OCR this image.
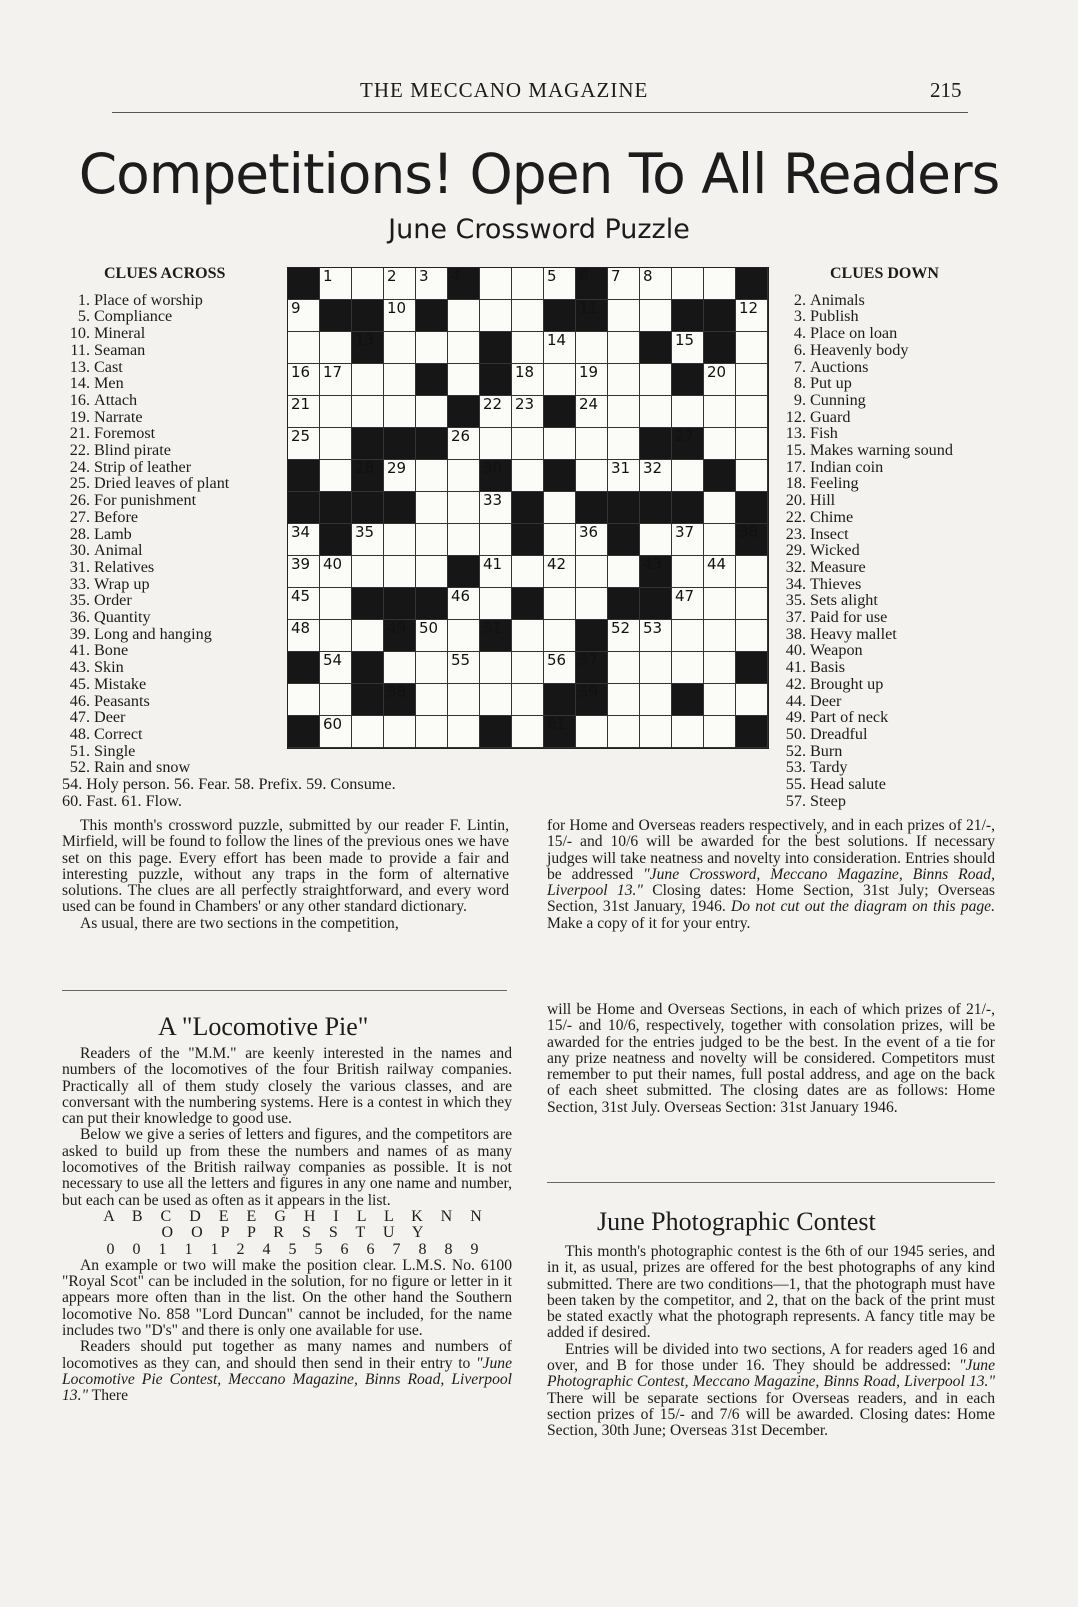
THE MECCANO MAGAZINE	215
Competitions! Open To All Readers
June Crossword Puzzle
CLUES ACROSS
1. Place of worship
5. Compliance
10. Mineral
11. Seaman
13. Cast
14. Men
16. Attach
19. Narrate
21. Foremost
22. Blind pirate
24. Strip of leather
25. Dried leaves of plant
26. For punishment
27. Before
28. Lamb
30. Animal
31. Relatives
33. Wrap up
35. Order
36. Quantity
39. Long and hanging
41. Bone
43. Skin
45. Mistake
46. Peasants
47. Deer
48. Correct
51. Single
52. Rain and snow
54. Holy person. 56. Fear. 58. Prefix. 59. Consume.
60. Fast. 61. Flow.
1	2 3 4	5 6 7 8
9	10	11	12
13	14	15
16 17	18	19	20
21	22 23	24
25	26	27
28 29	30	31 32
33
34	35	36	37	38
39 40	41	42	43	44
45	46	47
48	49 50	51	52 53
54	55	56 57
58	59
60	61
CLUES DOWN
2. Animals
3. Publish
4. Place on loan
6. Heavenly body
7. Auctions
8. Put up
9. Cunning
12. Guard
13. Fish
15. Makes warning sound
17. Indian coin
18. Feeling
20. Hill
22. Chime
23. Insect
29. Wicked
32. Measure
34. Thieves
35. Sets alight
37. Paid for use
38. Heavy mallet
40. Weapon
41. Basis
42. Brought up
44. Deer
49. Part of neck
50. Dreadful
52. Burn
53. Tardy
55. Head salute
57. Steep

This month's crossword puzzle, submitted by our reader F. Lintin, Mirfield, will be found to follow the lines of the previous ones we have set on this page. Every effort has been made to provide a fair and interesting puzzle, without any traps in the form of alternative solutions. The clues are all perfectly straightforward, and every word used can be found in Chambers' or any other standard dictionary.

As usual, there are two sections in the competition,

for Home and Overseas readers respectively, and in each prizes of 21/-, 15/- and 10/6 will be awarded for the best solutions. If necessary judges will take neatness and novelty into consideration. Entries should be addressed "June Crossword, Meccano Magazine, Binns Road, Liverpool 13." Closing dates: Home Section, 31st July; Overseas Section, 31st January, 1946. Do not cut out the diagram on this page. Make a copy of it for your entry.

A "Locomotive Pie"

Readers of the "M.M." are keenly interested in the names and numbers of the locomotives of the four British railway companies. Practically all of them study closely the various classes, and are conversant with the numbering systems. Here is a contest in which they can put their knowledge to good use.

Below we give a series of letters and figures, and the competitors are asked to build up from these the numbers and names of as many locomotives of the British railway companies as possible. It is not necessary to use all the letters and figures in any one name and number, but each can be used as often as it appears in the list.

A B C D E E G H I L L K N N

O O P P R S S T U Y

0 0 1 1 1 2 4 5 5 6 6 7 8 8 9

An example or two will make the position clear. L.M.S. No. 6100 "Royal Scot" can be included in the solution, for no figure or letter in it appears more often than in the list. On the other hand the Southern locomotive No. 858 "Lord Duncan" cannot be included, for the name includes two "D's" and there is only one available for use.

Readers should put together as many names and numbers of locomotives as they can, and should then send in their entry to "June Locomotive Pie Contest, Meccano Magazine, Binns Road, Liverpool 13." There

will be Home and Overseas Sections, in each of which prizes of 21/-, 15/- and 10/6, respectively, together with consolation prizes, will be awarded for the entries judged to be the best. In the event of a tie for any prize neatness and novelty will be considered. Competitors must remember to put their names, full postal address, and age on the back of each sheet submitted. The closing dates are as follows: Home Section, 31st July. Overseas Section: 31st January 1946.

June Photographic Contest

This month's photographic contest is the 6th of our 1945 series, and in it, as usual, prizes are offered for the best photographs of any kind submitted. There are two conditions—1, that the photograph must have been taken by the competitor, and 2, that on the back of the print must be stated exactly what the photograph represents. A fancy title may be added if desired.

Entries will be divided into two sections, A for readers aged 16 and over, and B for those under 16. They should be addressed: "June Photographic Contest, Meccano Magazine, Binns Road, Liverpool 13." There will be separate sections for Overseas readers, and in each section prizes of 15/- and 7/6 will be awarded. Closing dates: Home Section, 30th June; Overseas 31st December.
